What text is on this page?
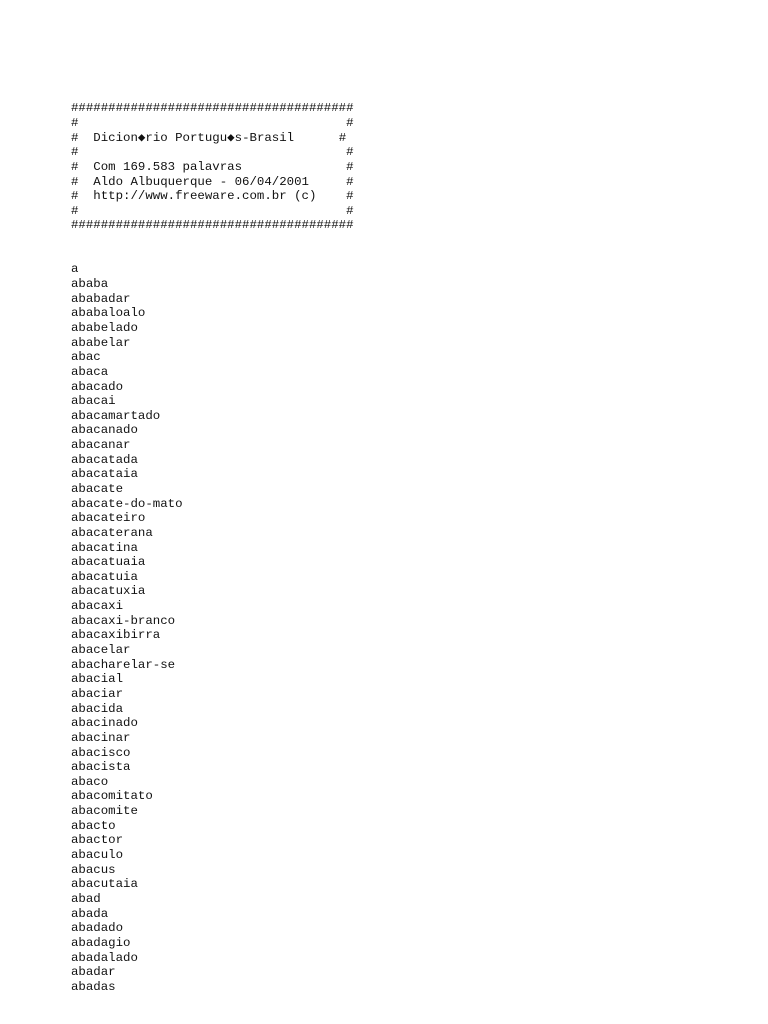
######################################
#                                    #
#  Dicion◆rio Portugu◆s-Brasil      #
#                                    #
#  Com 169.583 palavras              #
#  Aldo Albuquerque - 06/04/2001     #
#  http://www.freeware.com.br (c)    #
#                                    #
######################################

a
ababa
ababadar
ababaloalo
ababelado
ababelar
abac
abaca
abacado
abacai
abacamartado
abacanado
abacanar
abacatada
abacataia
abacate
abacate-do-mato
abacateiro
abacaterana
abacatina
abacatuaia
abacatuia
abacatuxia
abacaxi
abacaxi-branco
abacaxibirra
abacelar
abacharelar-se
abacial
abaciar
abacida
abacinado
abacinar
abacisco
abacista
abaco
abacomitato
abacomite
abacto
abactor
abaculo
abacus
abacutaia
abad
abada
abadado
abadagio
abadalado
abadar
abadas
